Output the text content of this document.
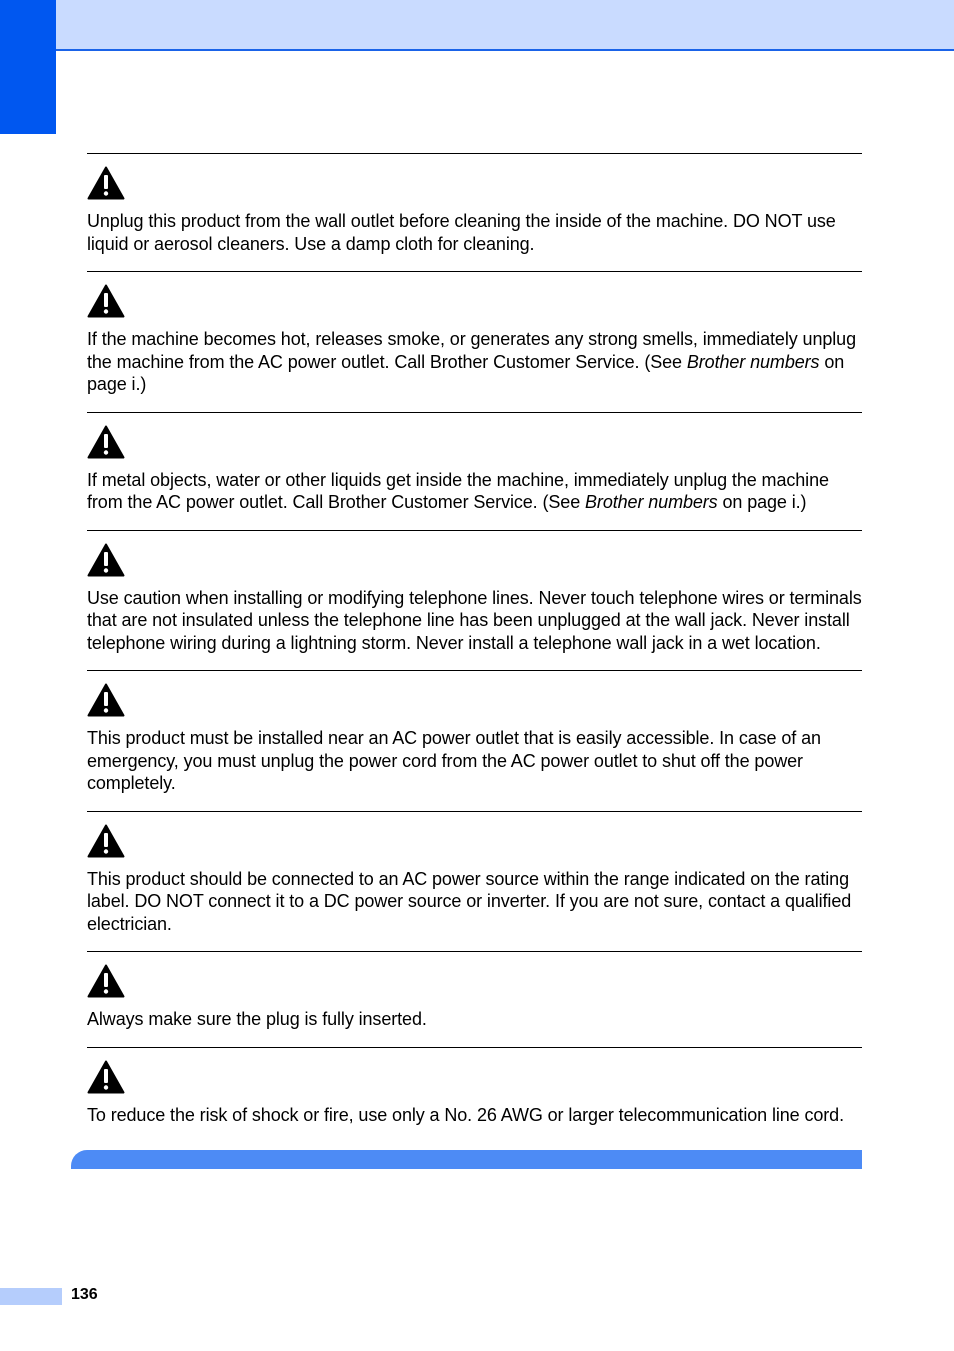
Unplug this product from the wall outlet before cleaning the inside of the machine. DO NOT use liquid or aerosol cleaners. Use a damp cloth for cleaning.

If the machine becomes hot, releases smoke, or generates any strong smells, immediately unplug the machine from the AC power outlet. Call Brother Customer Service. (See Brother numbers on page i.)

If metal objects, water or other liquids get inside the machine, immediately unplug the machine from the AC power outlet. Call Brother Customer Service. (See Brother numbers on page i.)

Use caution when installing or modifying telephone lines. Never touch telephone wires or terminals that are not insulated unless the telephone line has been unplugged at the wall jack. Never install telephone wiring during a lightning storm. Never install a telephone wall jack in a wet location.

This product must be installed near an AC power outlet that is easily accessible. In case of an emergency, you must unplug the power cord from the AC power outlet to shut off the power completely.

This product should be connected to an AC power source within the range indicated on the rating label. DO NOT connect it to a DC power source or inverter. If you are not sure, contact a qualified electrician.

Always make sure the plug is fully inserted.

To reduce the risk of shock or fire, use only a No. 26 AWG or larger telecommunication line cord.

136
